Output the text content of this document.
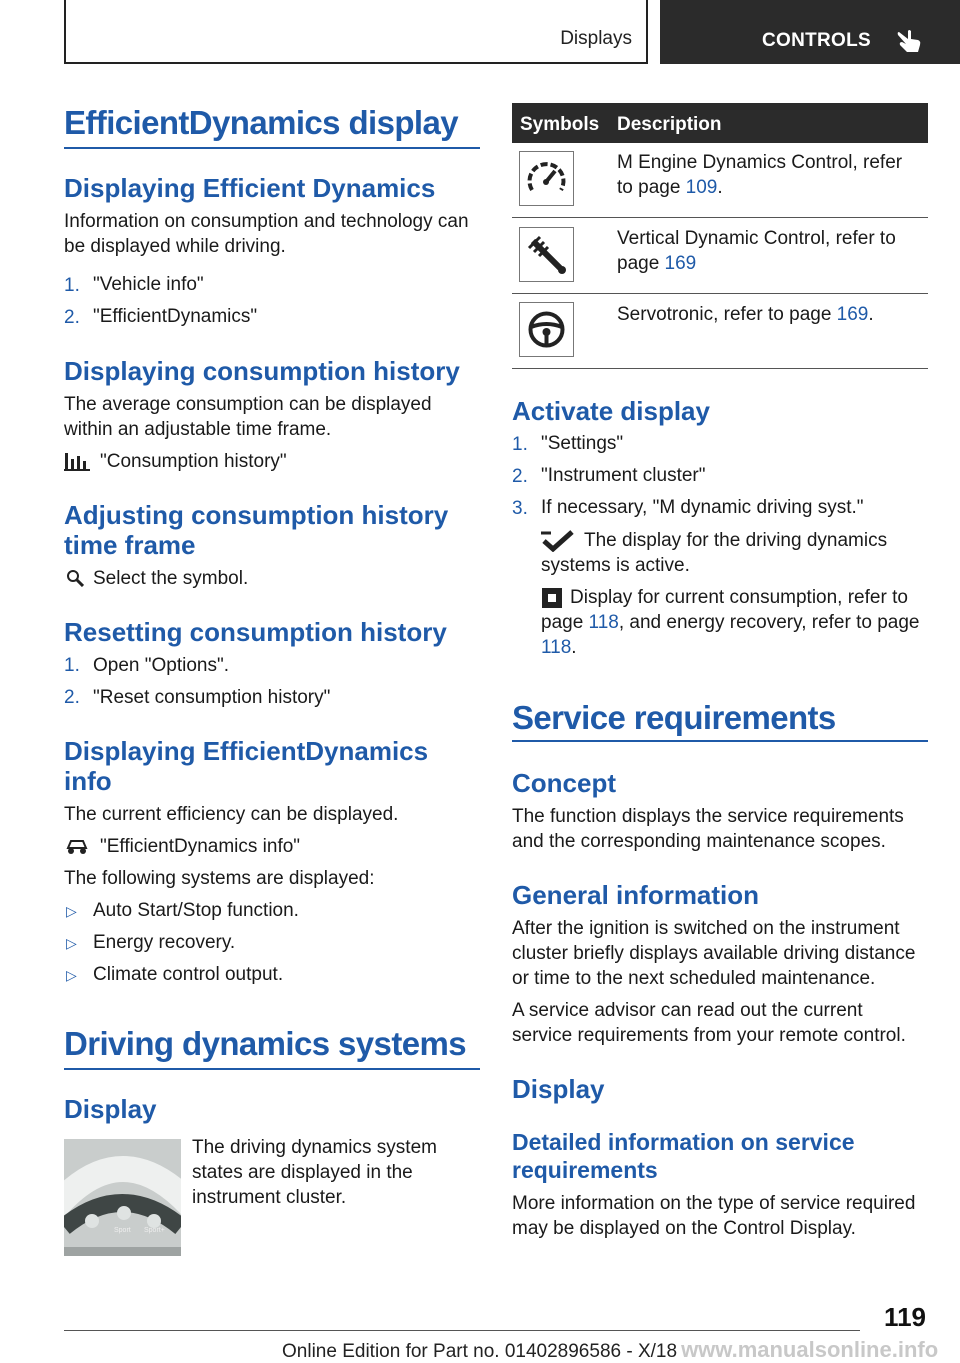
Displays	CONTROLS
EfficientDynamics display
Displaying Efficient Dynamics
Information on consumption and technology can be displayed while driving.
1. "Vehicle info"
2. "EfficientDynamics"
Displaying consumption history
The average consumption can be displayed within an adjustable time frame.
"Consumption history"
Adjusting consumption history time frame
Select the symbol.
Resetting consumption history
1. Open "Options".
2. "Reset consumption history"
Displaying EfficientDynamics info
The current efficiency can be displayed.
"EfficientDynamics info"
The following systems are displayed:
▷ Auto Start/Stop function.
▷ Energy recovery.
▷ Climate control output.
Driving dynamics systems
Display
Sport Sport+
The driving dynamics system states are displayed in the instrument cluster.
Symbols Description
M Engine Dynamics Control, refer to page 109.
Vertical Dynamic Control, refer to page 169
Servotronic, refer to page 169.
Activate display
1. "Settings"
2. "Instrument cluster"
3. If necessary, "M dynamic driving syst."
The display for the driving dynamics systems is active.
Display for current consumption, refer to page 118, and energy recovery, refer to page 118.
Service requirements
Concept
The function displays the service requirements and the corresponding maintenance scopes.
General information
After the ignition is switched on the instrument cluster briefly displays available driving distance or time to the next scheduled maintenance.
A service advisor can read out the current service requirements from your remote control.
Display
Detailed information on service requirements
More information on the type of service required may be displayed on the Control Display.
119
Online Edition for Part no. 01402896586 - X/18 www.manualsonline.info
